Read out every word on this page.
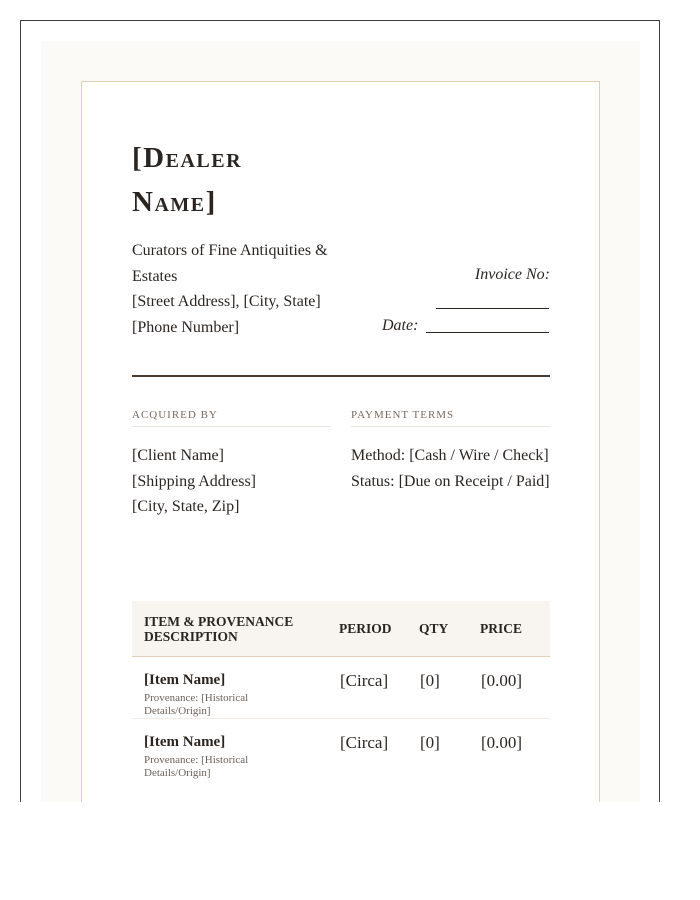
[Dealer Name]
Curators of Fine Antiquities &
Estates
[Street Address], [City, State]
[Phone Number]
Invoice No:
Date:
ACQUIRED BY
[Client Name]
[Shipping Address]
[City, State, Zip]
PAYMENT TERMS
Method: [Cash / Wire / Check]
Status: [Due on Receipt / Paid]
ITEM & PROVENANCE DESCRIPTION	PERIOD	QTY	PRICE

[Item Name]
Provenance: [Historical Details/Origin]	[Circa]	[0]	[0.00]

[Item Name]
Provenance: [Historical Details/Origin]	[Circa]	[0]	[0.00]
